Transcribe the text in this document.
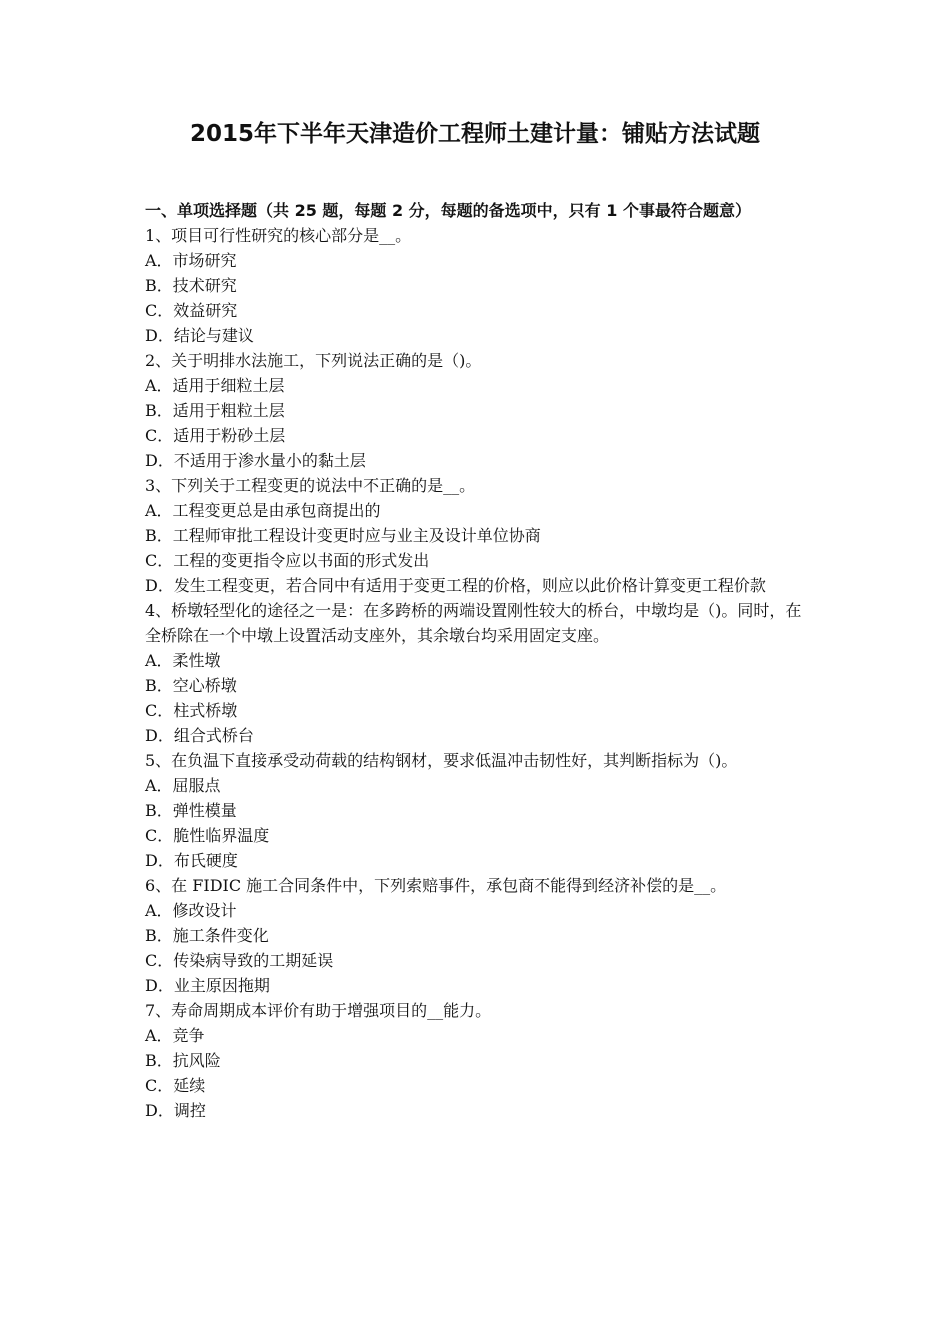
2015年下半年天津造价工程师土建计量：铺贴方法试题

一、单项选择题（共 25 题，每题 2 分，每题的备选项中，只有 1 个事最符合题意）

1、项目可行性研究的核心部分是__。

A．市场研究

B．技术研究

C．效益研究

D．结论与建议

2、关于明排水法施工，下列说法正确的是（)。

A．适用于细粒土层

B．适用于粗粒土层

C．适用于粉砂土层

D．不适用于渗水量小的黏土层

3、下列关于工程变更的说法中不正确的是__。

A．工程变更总是由承包商提出的

B．工程师审批工程设计变更时应与业主及设计单位协商

C．工程的变更指令应以书面的形式发出

D．发生工程变更，若合同中有适用于变更工程的价格，则应以此价格计算变更工程价款

4、桥墩轻型化的途径之一是：在多跨桥的两端设置刚性较大的桥台，中墩均是（)。同时，在全桥除在一个中墩上设置活动支座外，其余墩台均采用固定支座。

A．柔性墩

B．空心桥墩

C．柱式桥墩

D．组合式桥台

5、在负温下直接承受动荷载的结构钢材，要求低温冲击韧性好，其判断指标为（)。

A．屈服点

B．弹性模量

C．脆性临界温度

D．布氏硬度

6、在 FIDIC 施工合同条件中，下列索赔事件，承包商不能得到经济补偿的是__。

A．修改设计

B．施工条件变化

C．传染病导致的工期延误

D．业主原因拖期

7、寿命周期成本评价有助于增强项目的__能力。

A．竞争

B．抗风险

C．延续

D．调控
